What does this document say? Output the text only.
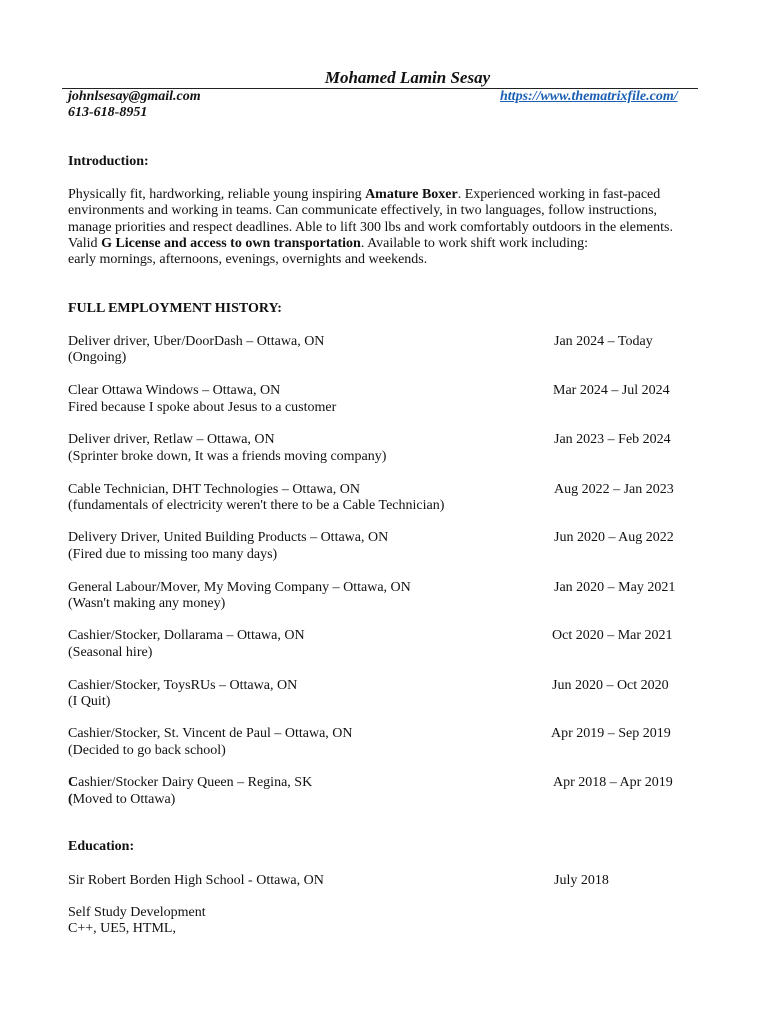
Mohamed Lamin Sesay
johnlsesay@gmail.com
613-618-8951
https://www.thematrixfile.com/
Introduction:
Physically fit, hardworking, reliable young inspiring Amature Boxer. Experienced working in fast-paced
environments and working in teams. Can communicate effectively, in two languages, follow instructions,
manage priorities and respect deadlines. Able to lift 300 lbs and work comfortably outdoors in the elements.
Valid G License and access to own transportation. Available to work shift work including:
early mornings, afternoons, evenings, overnights and weekends.
FULL EMPLOYMENT HISTORY:
Deliver driver, Uber/DoorDash – Ottawa, ON	Jan 2024 – Today
(Ongoing)
Clear Ottawa Windows – Ottawa, ON	Mar 2024 – Jul 2024
Fired because I spoke about Jesus to a customer
Deliver driver, Retlaw – Ottawa, ON	Jan 2023 – Feb 2024
(Sprinter broke down, It was a friends moving company)
Cable Technician, DHT Technologies – Ottawa, ON	Aug 2022 – Jan 2023
(fundamentals of electricity weren't there to be a Cable Technician)
Delivery Driver, United Building Products – Ottawa, ON	Jun 2020 – Aug 2022
(Fired due to missing too many days)
General Labour/Mover, My Moving Company – Ottawa, ON	Jan 2020 – May 2021
(Wasn't making any money)
Cashier/Stocker, Dollarama – Ottawa, ON	Oct 2020 – Mar 2021
(Seasonal hire)
Cashier/Stocker, ToysRUs – Ottawa, ON	Jun 2020 – Oct 2020
(I Quit)
Cashier/Stocker, St. Vincent de Paul – Ottawa, ON	Apr 2019 – Sep 2019
(Decided to go back school)
Cashier/Stocker Dairy Queen – Regina, SK	Apr 2018 – Apr 2019
(Moved to Ottawa)
Education:
Sir Robert Borden High School - Ottawa, ON	July 2018
Self Study Development
C++, UE5, HTML,
